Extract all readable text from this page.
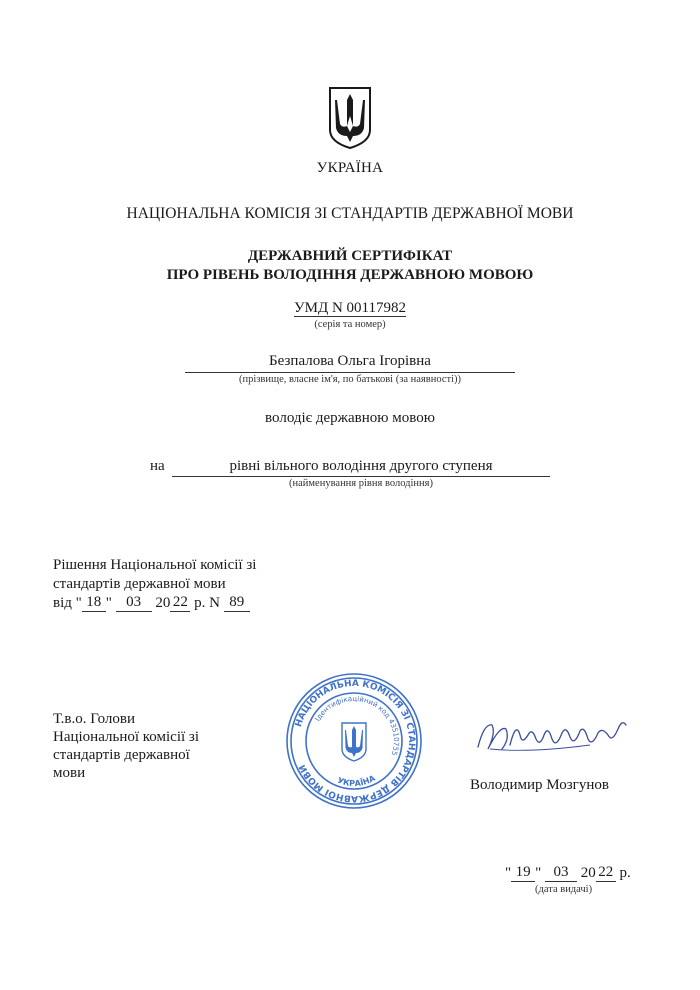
УКРАЇНА
НАЦІОНАЛЬНА КОМІСІЯ ЗІ СТАНДАРТІВ ДЕРЖАВНОЇ МОВИ
ДЕРЖАВНИЙ СЕРТИФІКАТ
ПРО РІВЕНЬ ВОЛОДІННЯ ДЕРЖАВНОЮ МОВОЮ
УМД N 00117982
(серія та номер)
Безпалова Ольга Ігорівна
(прізвище, власне ім'я, по батькові (за наявності))
володіє державною мовою
на	рівні вільного володіння другого ступеня
(найменування рівня володіння)
Рішення Національної комісії зі
стандартів державної мови
від " 18 " 03 20 22 р. N 89
Т.в.о. Голови
Національної комісії зі
стандартів державної
мови
НАЦІОНАЛЬНА КОМІСІЯ ЗІ СТАНДАРТІВ ДЕРЖАВНОЇ МОВИ
Ідентифікаційний код 43510755
УКРАЇНА	Володимир Мозгунов
" 19 " 03 20 22 р.
(дата видачі)
